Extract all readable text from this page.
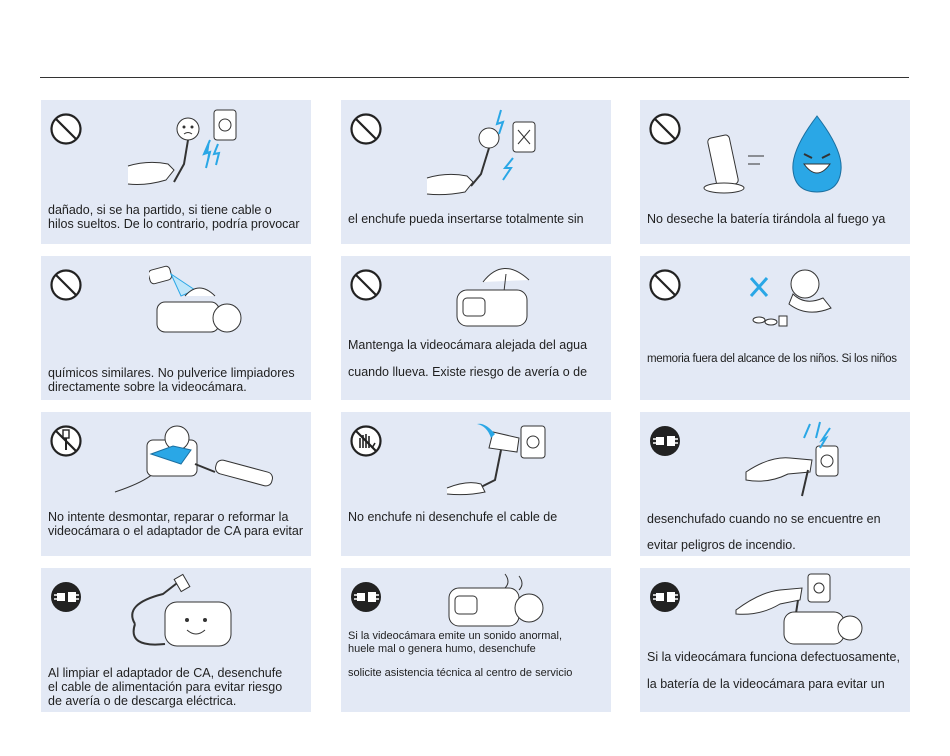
dañado, si se ha partido, si tiene cable o
hilos sueltos. De lo contrario, podría provocar	el enchufe pueda insertarse totalmente sin	No deseche la batería tirándola al fuego ya
químicos similares. No pulverice limpiadores
directamente sobre la videocámara.
Mantenga la videocámara alejada del agua
cuando llueva. Existe riesgo de avería o de
memoria fuera del alcance de los niños. Si los niños
No intente desmontar, reparar o reformar la
videocámara o el adaptador de CA para evitar
No enchufe ni desenchufe el cable de	desenchufado cuando no se encuentre en
evitar peligros de incendio.
Al limpiar el adaptador de CA, desenchufe
el cable de alimentación para evitar riesgo
de avería o de descarga eléctrica.
Si la videocámara emite un sonido anormal,
huele mal o genera humo, desenchufe
solicite asistencia técnica al centro de servicio
Si la videocámara funciona defectuosamente,
la batería de la videocámara para evitar un
